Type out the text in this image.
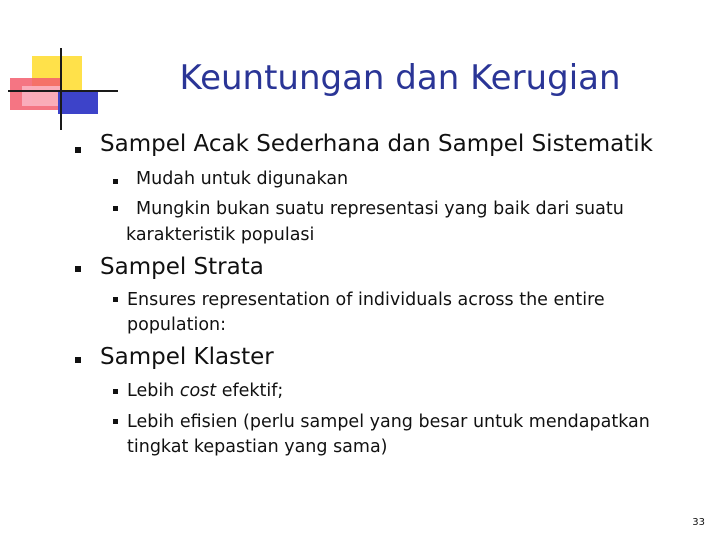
Keuntungan dan Kerugian
Sampel Acak Sederhana dan Sampel Sistematik
Mudah untuk digunakan
Mungkin bukan suatu representasi yang baik dari suatu
karakteristik populasi
Sampel Strata
Ensures representation of individuals across the entire
population:
Sampel Klaster
Lebih cost efektif;
Lebih efisien (perlu sampel yang besar untuk mendapatkan
tingkat kepastian yang sama)
33
